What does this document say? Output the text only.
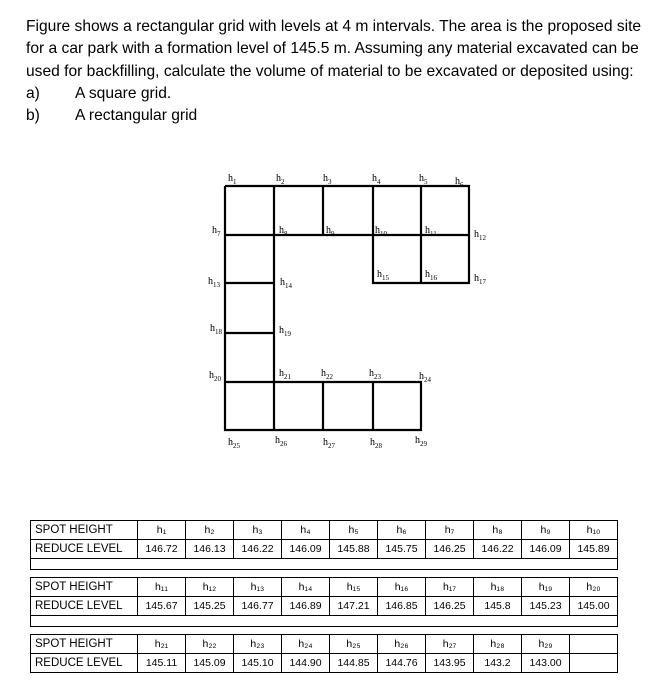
Figure shows a rectangular grid with levels at 4 m intervals. The area is the proposed site for a car park with a formation level of 145.5 m. Assuming any material excavated can be used for backfilling, calculate the volume of material to be excavated or deposited using:

a)	A square grid.
b)	A rectangular grid
$h_1$	$h_2$	$h_3$	$h_4$	$h_5$	$h_6$
$h_7$	$h_8$	$h_9$	$h_{10}$	$h_{11}$	$h_{12}$
$h_{13}$	$h_{14}$
$h_{15}$	$h_{16}$	$h_{17}$
$h_{18}$	$h_{19}$
$h_{20}$	$h_{21}$	$h_{22}$	$h_{23}$	$h_{24}$
$h_{25}$	$h_{26}$	$h_{27}$	$h_{28}$	$h_{29}$
SPOT HEIGHT	h₁	h₂	h₃	h₄	h₅	h₆	h₇	h₈	h₉	h₁₀
REDUCE LEVEL	146.72	146.13	146.22	146.09	145.88	145.75	146.25	146.22	146.09	145.89

SPOT HEIGHT	h₁₁	h₁₂	h₁₃	h₁₄	h₁₅	h₁₆	h₁₇	h₁₈	h₁₉	h₂₀
REDUCE LEVEL	145.67	145.25	146.77	146.89	147.21	146.85	146.25	145.8	145.23	145.00

SPOT HEIGHT	h₂₁	h₂₂	h₂₃	h₂₄	h₂₅	h₂₆	h₂₇	h₂₈	h₂₉	
REDUCE LEVEL	145.11	145.09	145.10	144.90	144.85	144.76	143.95	143.2	143.00	
